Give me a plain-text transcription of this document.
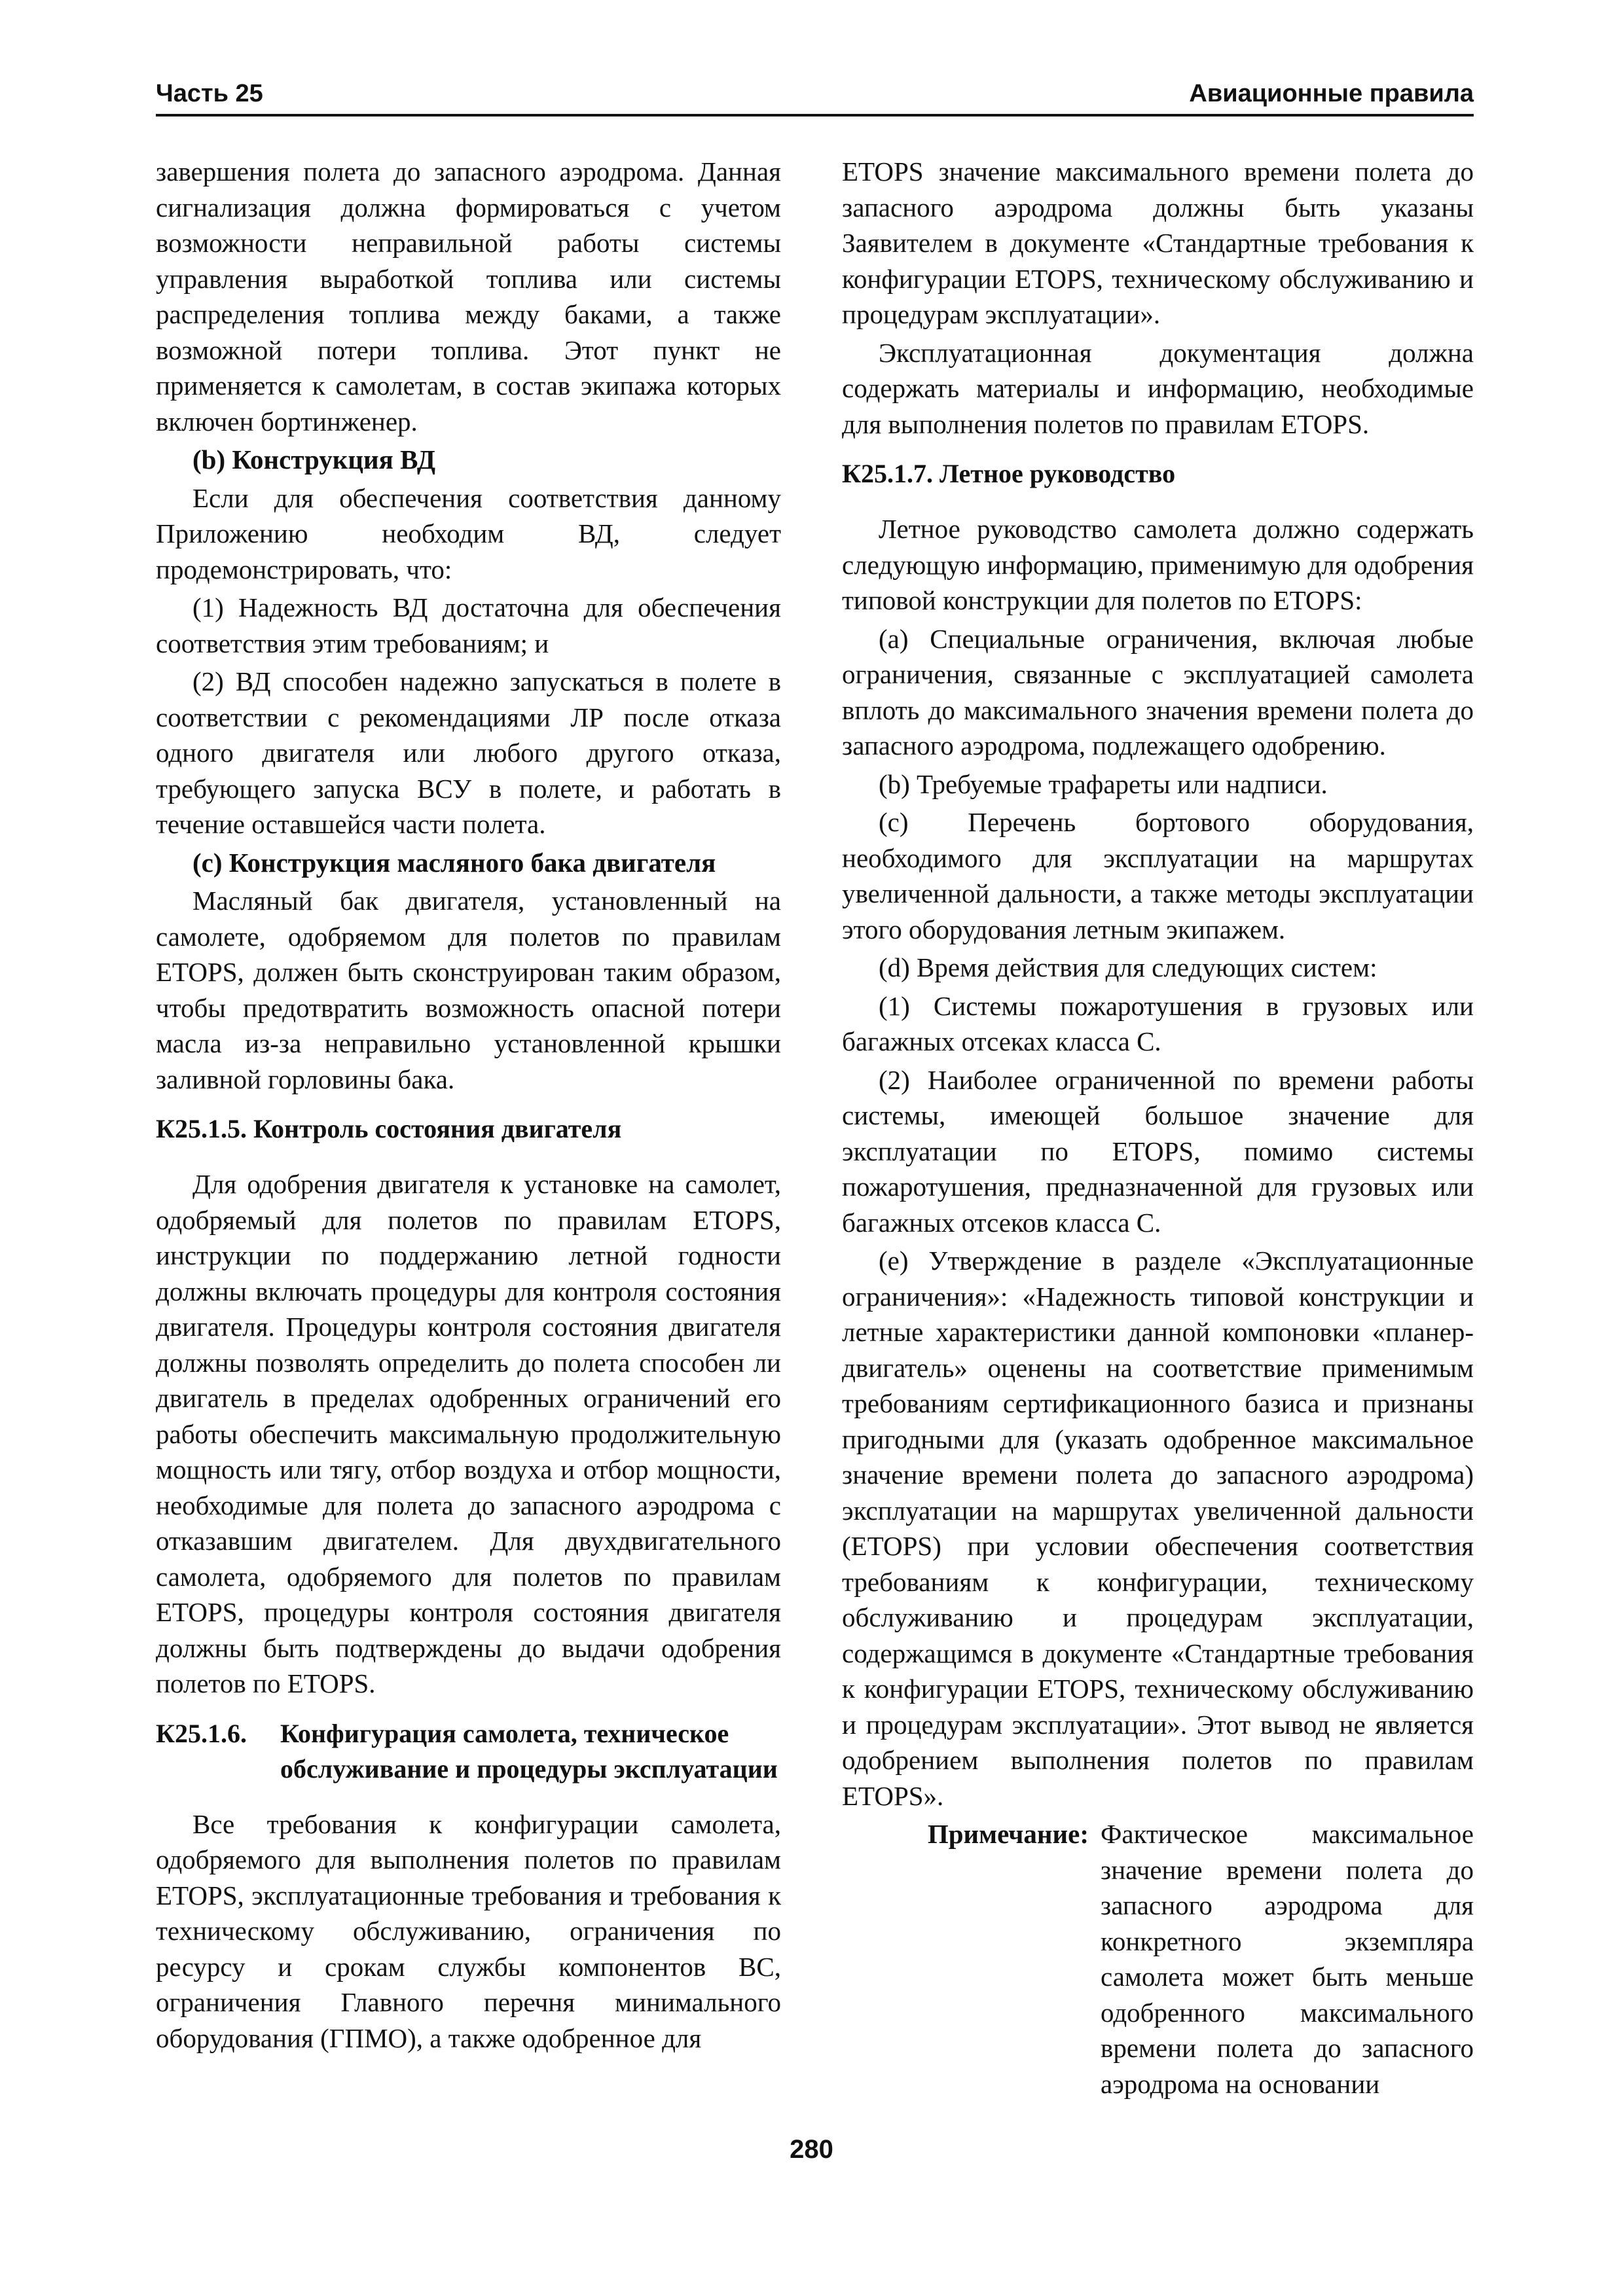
Часть 25	Авиационные правила

завершения полета до запасного аэродрома. Данная сигнализация должна формироваться с учетом возможности неправильной работы системы управления выработкой топлива или системы распределения топлива между баками, а также возможной потери топлива. Этот пункт не применяется к самолетам, в состав экипажа которых включен бортинженер.

(b) Конструкция ВД

Если для обеспечения соответствия данному Приложению необходим ВД, следует продемонстрировать, что:

(1) Надежность ВД достаточна для обеспечения соответствия этим требованиям; и

(2) ВД способен надежно запускаться в полете в соответствии с рекомендациями ЛР после отказа одного двигателя или любого другого отказа, требующего запуска ВСУ в полете, и работать в течение оставшейся части полета.

(c) Конструкция масляного бака двигателя

Масляный бак двигателя, установленный на самолете, одобряемом для полетов по правилам ETOPS, должен быть сконструирован таким образом, чтобы предотвратить возможность опасной потери масла из-за неправильно установленной крышки заливной горловины бака.

К25.1.5. Контроль состояния двигателя

Для одобрения двигателя к установке на самолет, одобряемый для полетов по правилам ETOPS, инструкции по поддержанию летной годности должны включать процедуры для контроля состояния двигателя. Процедуры контроля состояния двигателя должны позволять определить до полета способен ли двигатель в пределах одобренных ограничений его работы обеспечить максимальную продолжительную мощность или тягу, отбор воздуха и отбор мощности, необходимые для полета до запасного аэродрома с отказавшим двигателем. Для двухдвигательного самолета, одобряемого для полетов по правилам ETOPS, процедуры контроля состояния двигателя должны быть подтверждены до выдачи одобрения полетов по ETOPS.

К25.1.6.	Конфигурация самолета, техническое обслуживание и процедуры эксплуатации

Все требования к конфигурации самолета, одобряемого для выполнения полетов по правилам ETOPS, эксплуатационные требования и требования к техническому обслуживанию, ограничения по ресурсу и срокам службы компонентов ВС, ограничения Главного перечня минимального оборудования (ГПМО), а также одобренное для

ETOPS значение максимального времени полета до запасного аэродрома должны быть указаны Заявителем в документе «Стандартные требования к конфигурации ETOPS, техническому обслуживанию и процедурам эксплуатации».

Эксплуатационная документация должна содержать материалы и информацию, необходимые для выполнения полетов по правилам ETOPS.

К25.1.7. Летное руководство

Летное руководство самолета должно содержать следующую информацию, применимую для одобрения типовой конструкции для полетов по ETOPS:

(a) Специальные ограничения, включая любые ограничения, связанные с эксплуатацией самолета вплоть до максимального значения времени полета до запасного аэродрома, подлежащего одобрению.

(b) Требуемые трафареты или надписи.

(c) Перечень бортового оборудования, необходимого для эксплуатации на маршрутах увеличенной дальности, а также методы эксплуатации этого оборудования летным экипажем.

(d) Время действия для следующих систем:

(1) Системы пожаротушения в грузовых или багажных отсеках класса С.

(2) Наиболее ограниченной по времени работы системы, имеющей большое значение для эксплуатации по ETOPS, помимо системы пожаротушения, предназначенной для грузовых или багажных отсеков класса С.

(e) Утверждение в разделе «Эксплуатационные ограничения»: «Надежность типовой конструкции и летные характеристики данной компоновки «планер-двигатель» оценены на соответствие применимым требованиям сертификационного базиса и признаны пригодными для (указать одобренное максимальное значение времени полета до запасного аэродрома) эксплуатации на маршрутах увеличенной дальности (ETOPS) при условии обеспечения соответствия требованиям к конфигурации, техническому обслуживанию и процедурам эксплуатации, содержащимся в документе «Стандартные требования к конфигурации ETOPS, техническому обслуживанию и процедурам эксплуатации». Этот вывод не является одобрением выполнения полетов по правилам ETOPS».

Примечание: Фактическое максимальное значение времени полета до запасного аэродрома для конкретного экземпляра самолета может быть меньше одобренного максимального времени полета до запасного аэродрома на основании
280
